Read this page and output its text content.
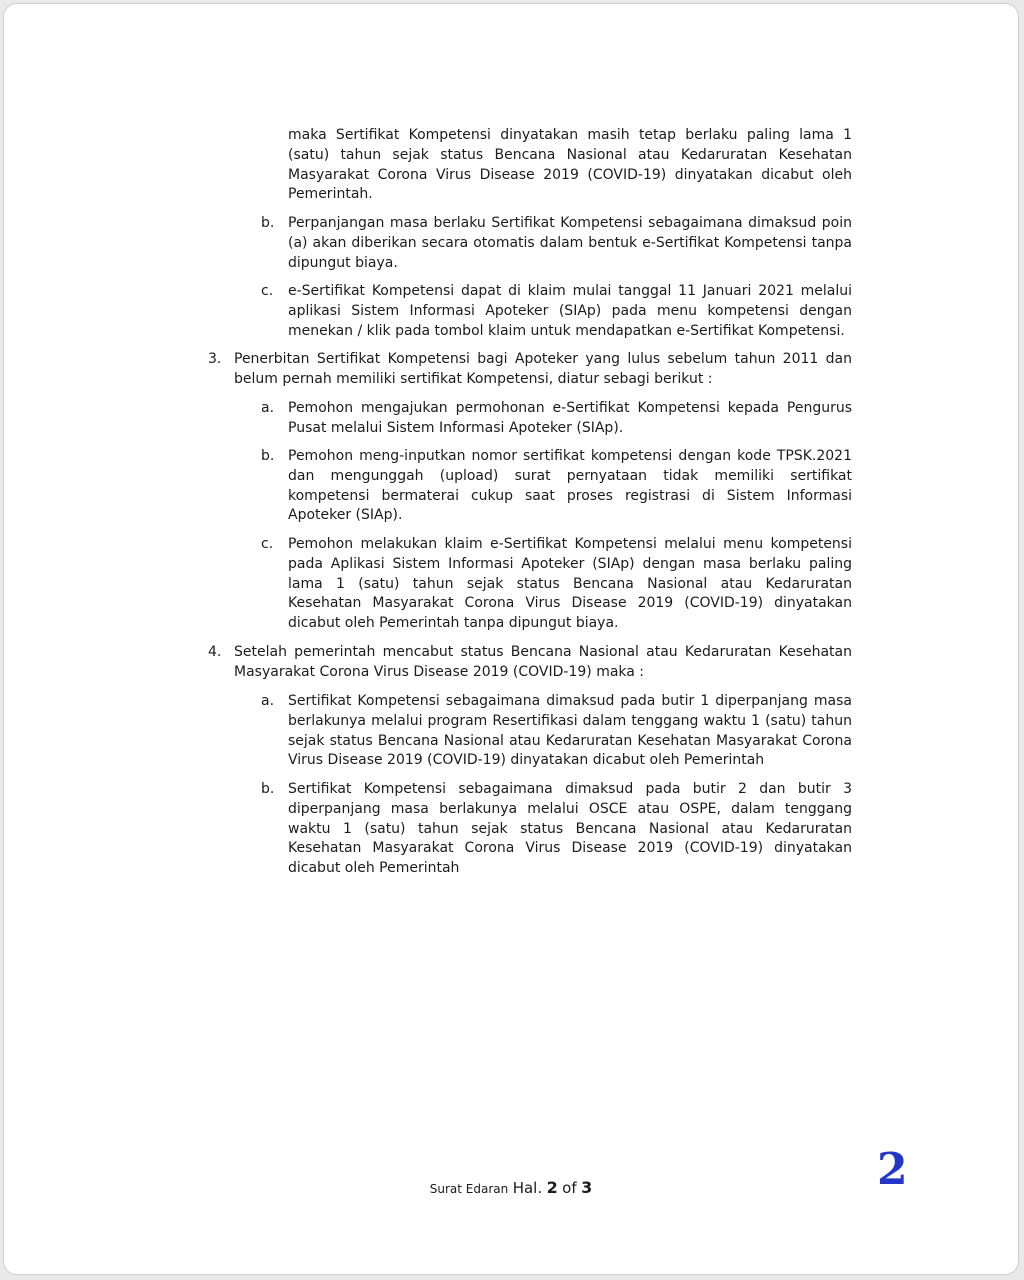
maka Sertifikat Kompetensi dinyatakan masih tetap berlaku paling lama 1
(satu) tahun sejak status Bencana Nasional atau Kedaruratan Kesehatan
Masyarakat Corona Virus Disease 2019 (COVID-19) dinyatakan dicabut oleh
Pemerintah.
b. Perpanjangan masa berlaku Sertifikat Kompetensi sebagaimana dimaksud poin
(a) akan diberikan secara otomatis dalam bentuk e-Sertifikat Kompetensi tanpa
dipungut biaya.
c. e-Sertifikat Kompetensi dapat di klaim mulai tanggal 11 Januari 2021 melalui
aplikasi Sistem Informasi Apoteker (SIAp) pada menu kompetensi dengan
menekan / klik pada tombol klaim untuk mendapatkan e-Sertifikat Kompetensi.
3. Penerbitan Sertifikat Kompetensi bagi Apoteker yang lulus sebelum tahun 2011 dan
belum pernah memiliki sertifikat Kompetensi, diatur sebagi berikut :
a. Pemohon mengajukan permohonan e-Sertifikat Kompetensi kepada Pengurus
Pusat melalui Sistem Informasi Apoteker (SIAp).
b. Pemohon meng-inputkan nomor sertifikat kompetensi dengan kode TPSK.2021
dan mengunggah (upload) surat pernyataan tidak memiliki sertifikat
kompetensi bermaterai cukup saat proses registrasi di Sistem Informasi
Apoteker (SIAp).
c. Pemohon melakukan klaim e-Sertifikat Kompetensi melalui menu kompetensi
pada Aplikasi Sistem Informasi Apoteker (SIAp) dengan masa berlaku paling
lama 1 (satu) tahun sejak status Bencana Nasional atau Kedaruratan
Kesehatan Masyarakat Corona Virus Disease 2019 (COVID-19) dinyatakan
dicabut oleh Pemerintah tanpa dipungut biaya.
4. Setelah pemerintah mencabut status Bencana Nasional atau Kedaruratan Kesehatan
Masyarakat Corona Virus Disease 2019 (COVID-19) maka :
a. Sertifikat Kompetensi sebagaimana dimaksud pada butir 1 diperpanjang masa
berlakunya melalui program Resertifikasi dalam tenggang waktu 1 (satu) tahun
sejak status Bencana Nasional atau Kedaruratan Kesehatan Masyarakat Corona
Virus Disease 2019 (COVID-19) dinyatakan dicabut oleh Pemerintah
b. Sertifikat Kompetensi sebagaimana dimaksud pada butir 2 dan butir 3
diperpanjang masa berlakunya melalui OSCE atau OSPE, dalam tenggang
waktu 1 (satu) tahun sejak status Bencana Nasional atau Kedaruratan
Kesehatan Masyarakat Corona Virus Disease 2019 (COVID-19) dinyatakan
dicabut oleh Pemerintah
Surat Edaran Hal. 2 of 3	2
